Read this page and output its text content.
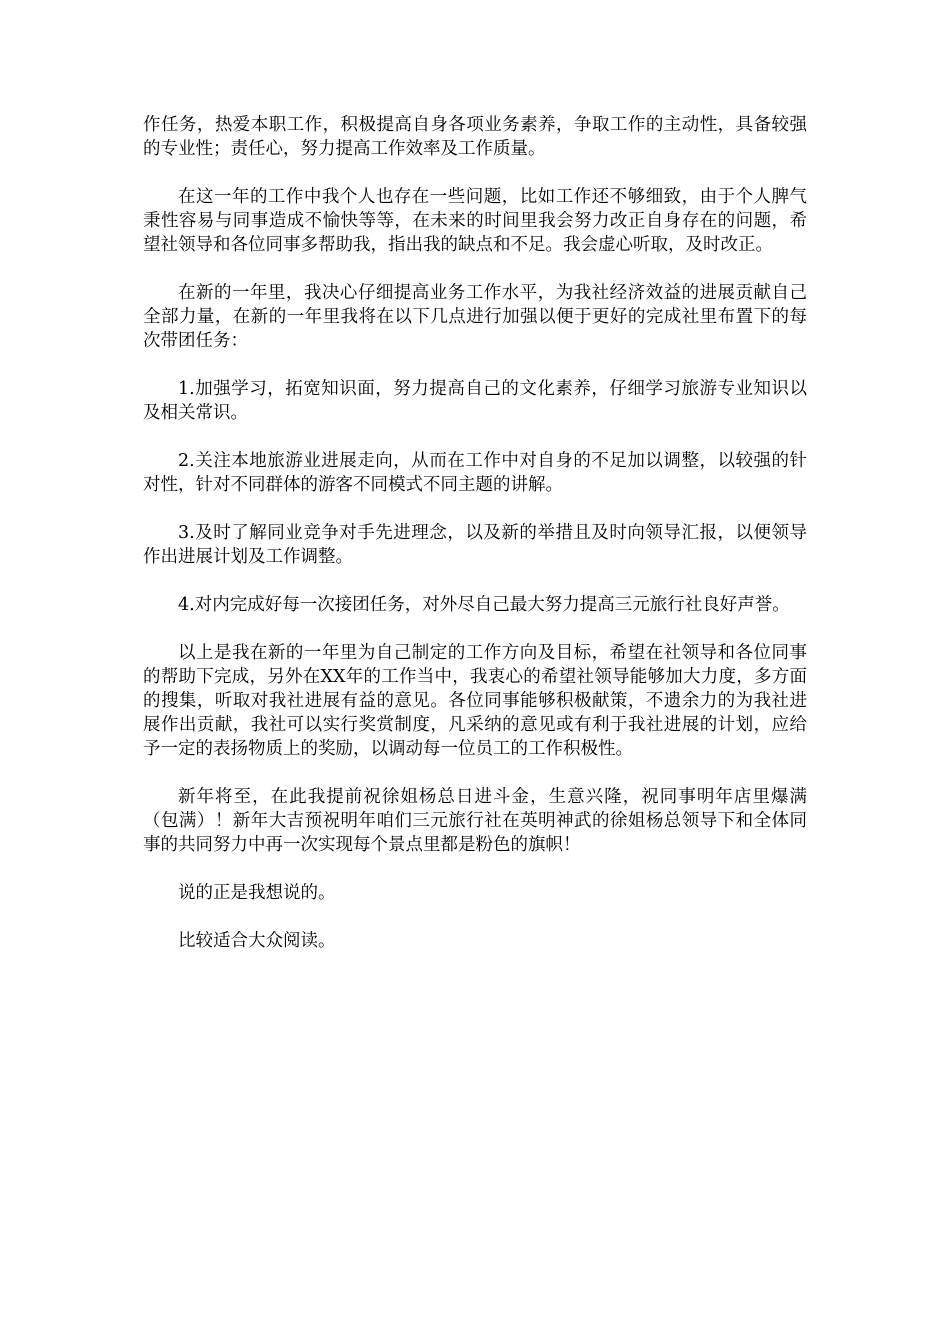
作任务，热爱本职工作，积极提高自身各项业务素养，争取工作的主动性，具备较强的专业性；责任心，努力提高工作效率及工作质量。

在这一年的工作中我个人也存在一些问题，比如工作还不够细致，由于个人脾气秉性容易与同事造成不愉快等等，在未来的时间里我会努力改正自身存在的问题，希望社领导和各位同事多帮助我，指出我的缺点和不足。我会虚心听取，及时改正。

在新的一年里，我决心仔细提高业务工作水平，为我社经济效益的进展贡献自己全部力量，在新的一年里我将在以下几点进行加强以便于更好的完成社里布置下的每次带团任务：

1.加强学习，拓宽知识面，努力提高自己的文化素养，仔细学习旅游专业知识以及相关常识。

2.关注本地旅游业进展走向，从而在工作中对自身的不足加以调整，以较强的针对性，针对不同群体的游客不同模式不同主题的讲解。

3.及时了解同业竞争对手先进理念，以及新的举措且及时向领导汇报，以便领导作出进展计划及工作调整。

4.对内完成好每一次接团任务，对外尽自己最大努力提高三元旅行社良好声誉。

以上是我在新的一年里为自己制定的工作方向及目标，希望在社领导和各位同事的帮助下完成，另外在XX年的工作当中，我衷心的希望社领导能够加大力度，多方面的搜集，听取对我社进展有益的意见。各位同事能够积极献策，不遗余力的为我社进展作出贡献，我社可以实行奖赏制度，凡采纳的意见或有利于我社进展的计划，应给予一定的表扬物质上的奖励，以调动每一位员工的工作积极性。

新年将至，在此我提前祝徐姐杨总日进斗金，生意兴隆，祝同事明年店里爆满（包满）！新年大吉预祝明年咱们三元旅行社在英明神武的徐姐杨总领导下和全体同事的共同努力中再一次实现每个景点里都是粉色的旗帜！

说的正是我想说的。

比较适合大众阅读。
